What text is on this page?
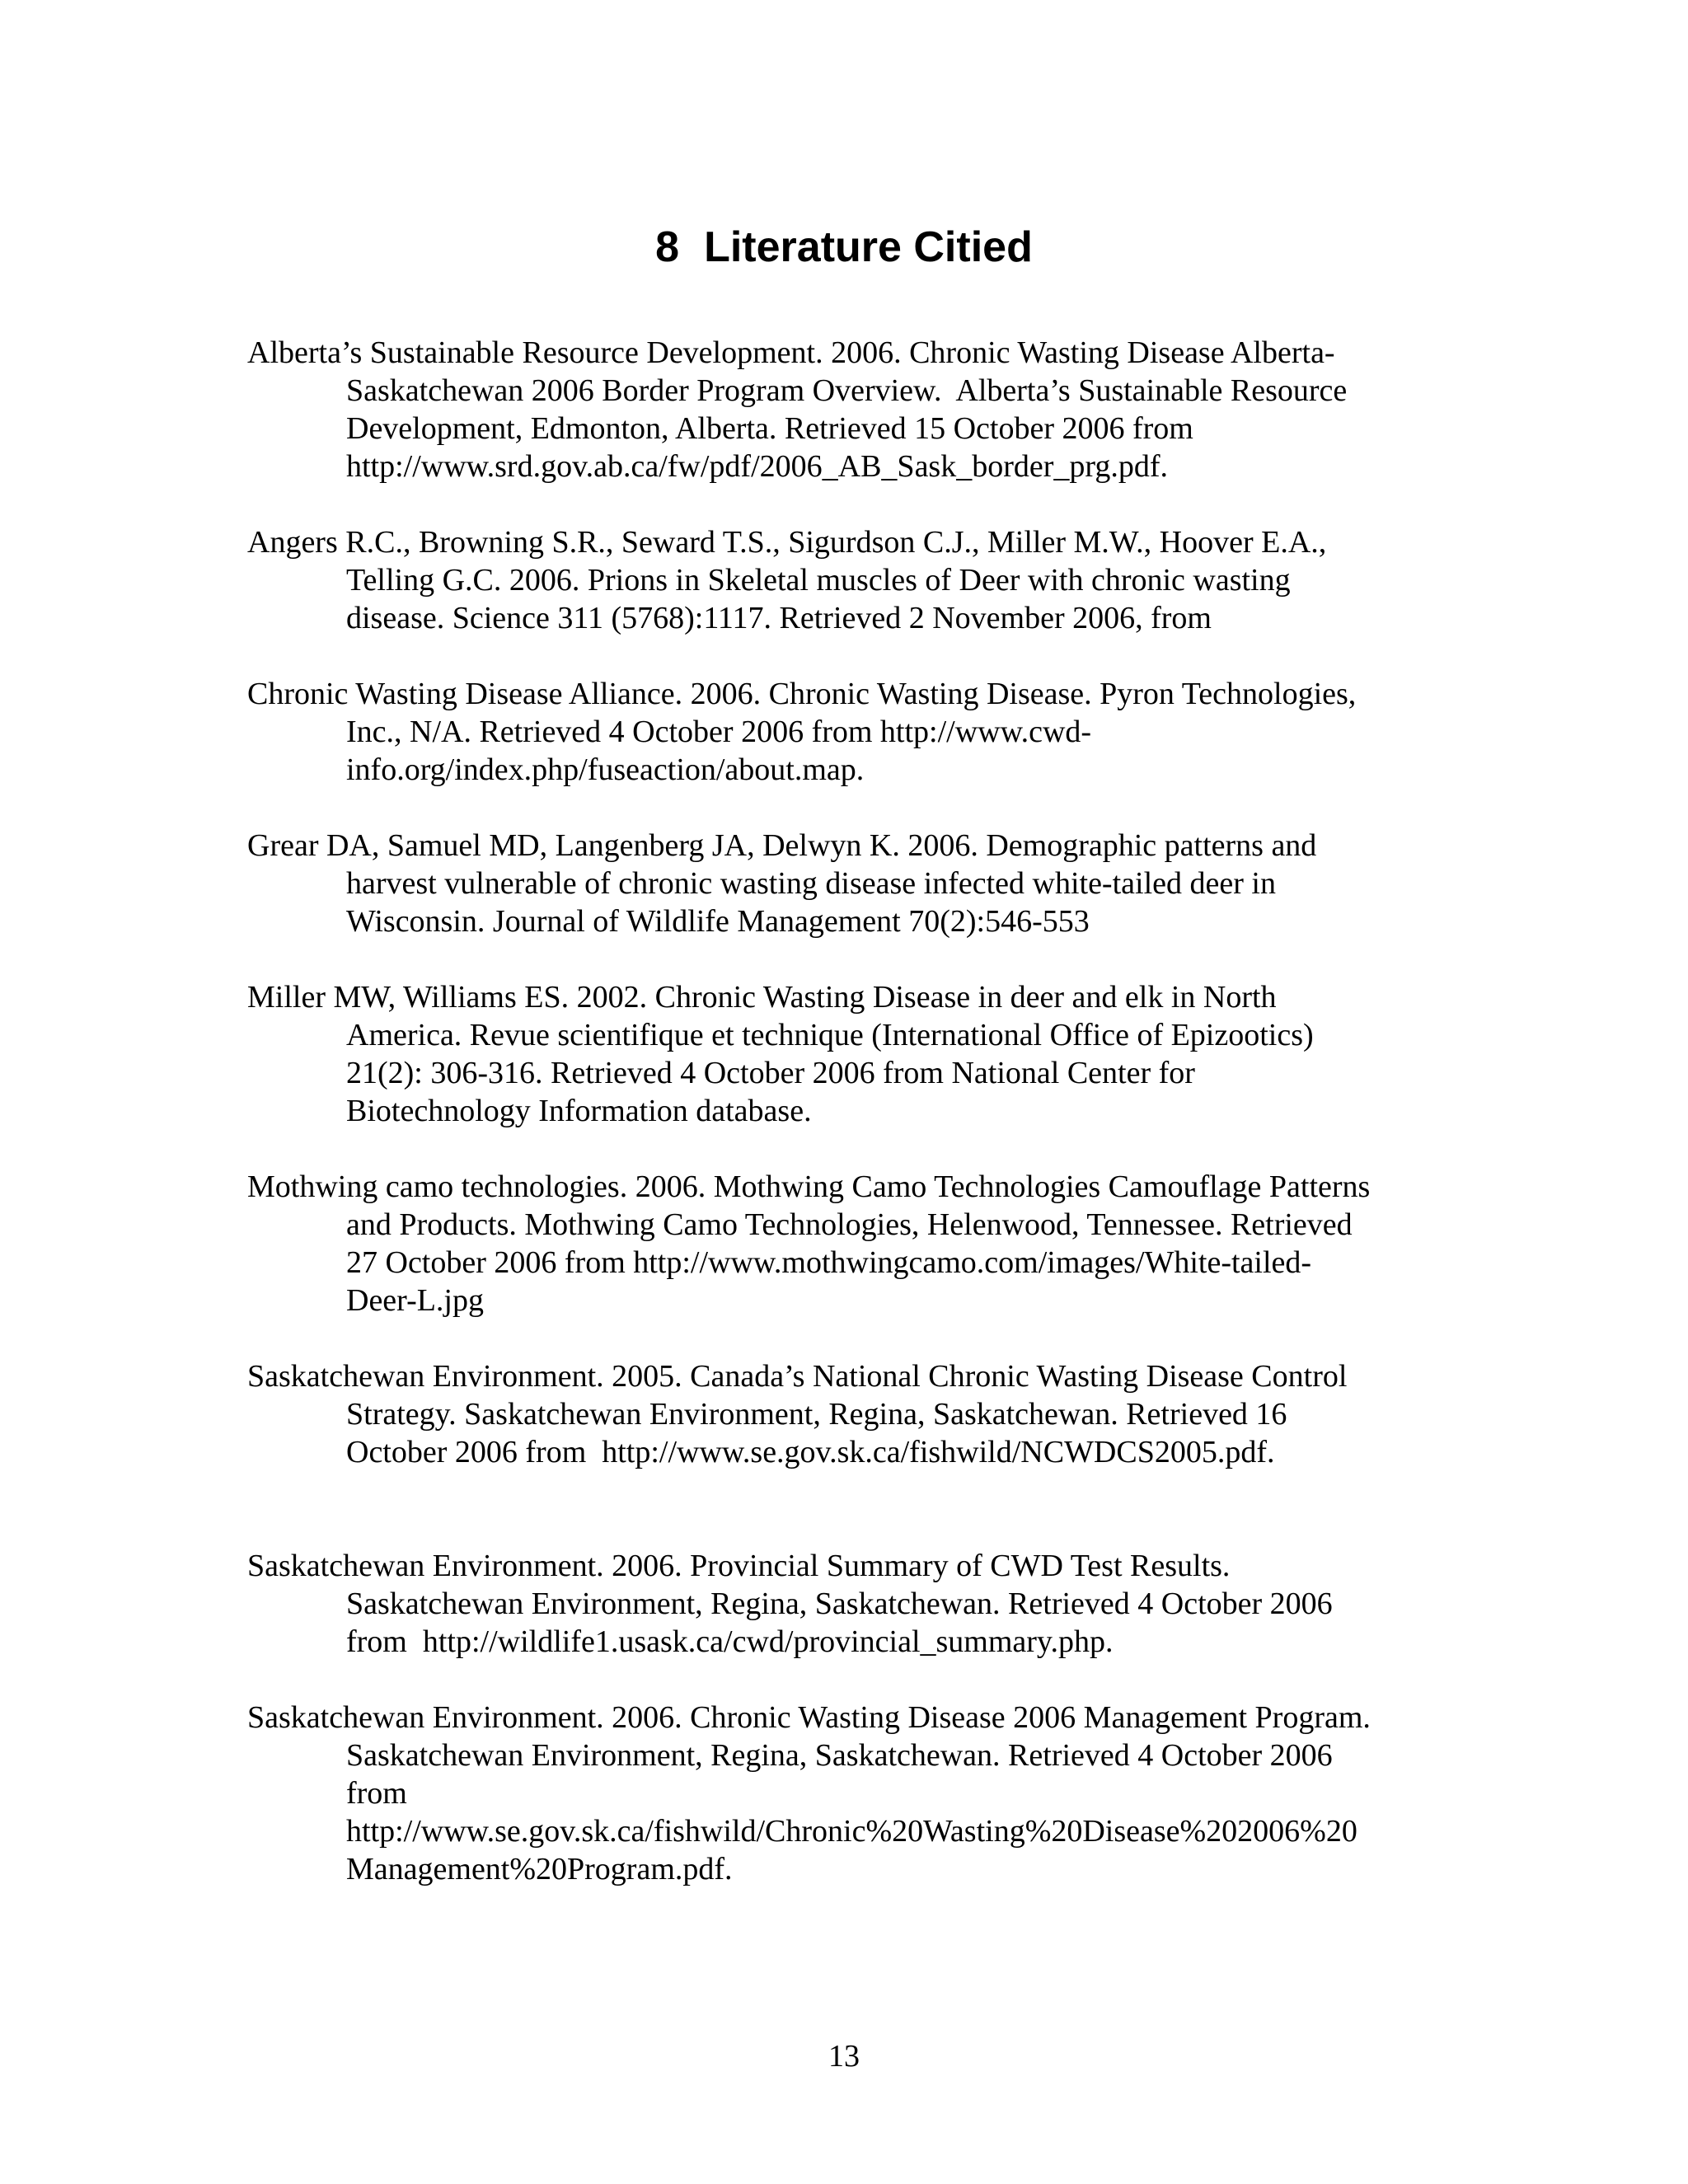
8 Literature Citied

Alberta’s Sustainable Resource Development. 2006. Chronic Wasting Disease Alberta-
Saskatchewan 2006 Border Program Overview.  Alberta’s Sustainable Resource
Development, Edmonton, Alberta. Retrieved 15 October 2006 from
http://www.srd.gov.ab.ca/fw/pdf/2006_AB_Sask_border_prg.pdf.

Angers R.C., Browning S.R., Seward T.S., Sigurdson C.J., Miller M.W., Hoover E.A.,
Telling G.C. 2006. Prions in Skeletal muscles of Deer with chronic wasting
disease. Science 311 (5768):1117. Retrieved 2 November 2006, from

Chronic Wasting Disease Alliance. 2006. Chronic Wasting Disease. Pyron Technologies,
Inc., N/A. Retrieved 4 October 2006 from http://www.cwd-
info.org/index.php/fuseaction/about.map.

Grear DA, Samuel MD, Langenberg JA, Delwyn K. 2006. Demographic patterns and
harvest vulnerable of chronic wasting disease infected white-tailed deer in
Wisconsin. Journal of Wildlife Management 70(2):546-553

Miller MW, Williams ES. 2002. Chronic Wasting Disease in deer and elk in North
America. Revue scientifique et technique (International Office of Epizootics)
21(2): 306-316. Retrieved 4 October 2006 from National Center for
Biotechnology Information database.

Mothwing camo technologies. 2006. Mothwing Camo Technologies Camouflage Patterns
and Products. Mothwing Camo Technologies, Helenwood, Tennessee. Retrieved
27 October 2006 from http://www.mothwingcamo.com/images/White-tailed-
Deer-L.jpg

Saskatchewan Environment. 2005. Canada’s National Chronic Wasting Disease Control
Strategy. Saskatchewan Environment, Regina, Saskatchewan. Retrieved 16
October 2006 from  http://www.se.gov.sk.ca/fishwild/NCWDCS2005.pdf.

Saskatchewan Environment. 2006. Provincial Summary of CWD Test Results.
Saskatchewan Environment, Regina, Saskatchewan. Retrieved 4 October 2006
from  http://wildlife1.usask.ca/cwd/provincial_summary.php.

Saskatchewan Environment. 2006. Chronic Wasting Disease 2006 Management Program.
Saskatchewan Environment, Regina, Saskatchewan. Retrieved 4 October 2006
from
http://www.se.gov.sk.ca/fishwild/Chronic%20Wasting%20Disease%202006%20
Management%20Program.pdf.

13
